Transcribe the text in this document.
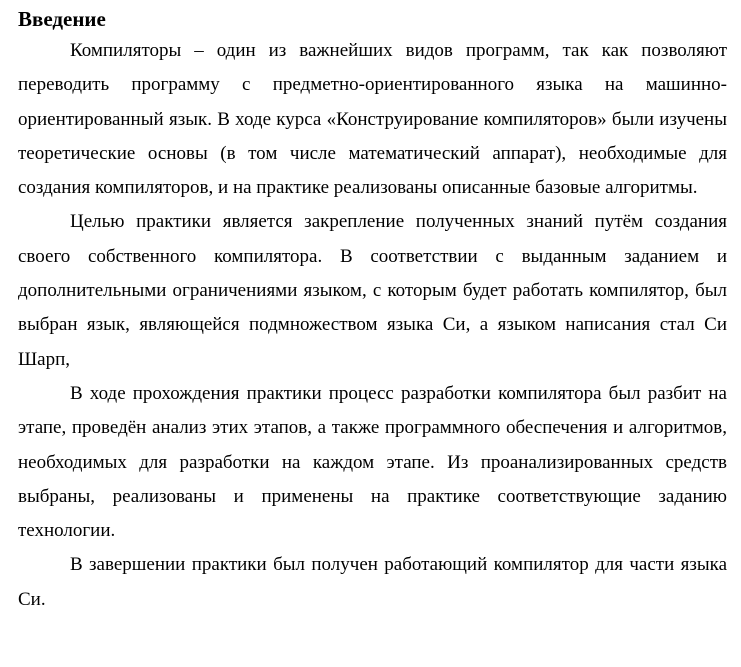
Введение

Компиляторы – один из важнейших видов программ, так как позволяют переводить программу с предметно-ориентированного языка на машинно-ориентированный язык. В ходе курса «Конструирование компиляторов» были изучены теоретические основы (в том числе математический аппарат), необходимые для создания компиляторов, и на практике реализованы описанные базовые алгоритмы.

Целью практики является закрепление полученных знаний путём создания своего собственного компилятора. В соответствии с выданным заданием и дополнительными ограничениями языком, с которым будет работать компилятор, был выбран язык, являющейся подмножеством языка Си, а языком написания стал Си Шарп,

В ходе прохождения практики процесс разработки компилятора был разбит на этапе, проведён анализ этих этапов, а также программного обеспечения и алгоритмов, необходимых для разработки на каждом этапе. Из проанализированных средств выбраны, реализованы и применены на практике соответствующие заданию технологии.

В завершении практики был получен работающий компилятор для части языка Си.
